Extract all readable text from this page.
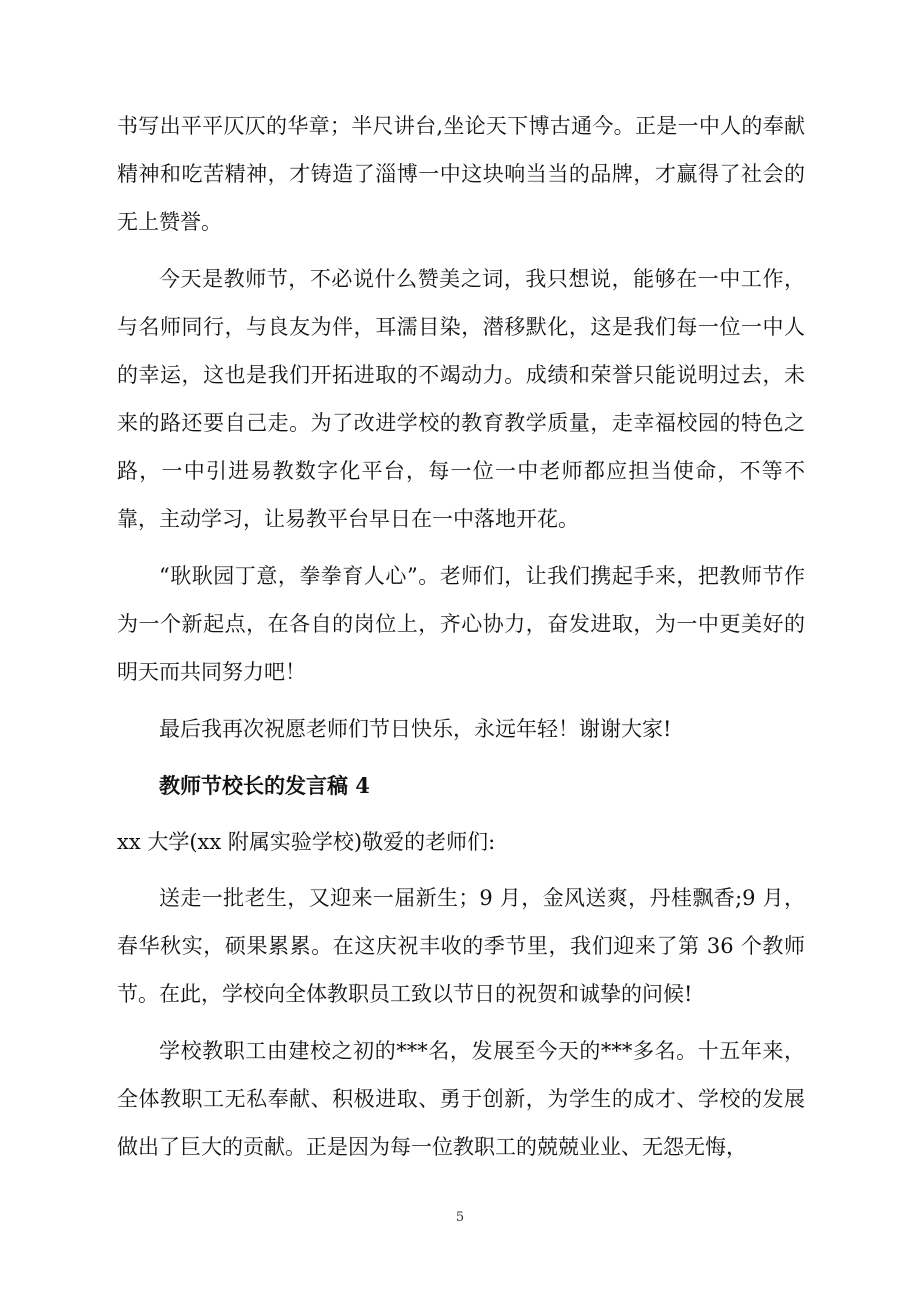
书写出平平仄仄的华章；半尺讲台,坐论天下博古通今。正是一中人的奉献精神和吃苦精神，才铸造了淄博一中这块响当当的品牌，才赢得了社会的无上赞誉。

今天是教师节，不必说什么赞美之词，我只想说，能够在一中工作，与名师同行，与良友为伴，耳濡目染，潜移默化，这是我们每一位一中人的幸运，这也是我们开拓进取的不竭动力。成绩和荣誉只能说明过去，未来的路还要自己走。为了改进学校的教育教学质量，走幸福校园的特色之路，一中引进易教数字化平台，每一位一中老师都应担当使命，不等不靠，主动学习，让易教平台早日在一中落地开花。

“耿耿园丁意，拳拳育人心”。老师们，让我们携起手来，把教师节作为一个新起点，在各自的岗位上，齐心协力，奋发进取，为一中更美好的明天而共同努力吧！

最后我再次祝愿老师们节日快乐，永远年轻！谢谢大家!

教师节校长的发言稿 4

xx 大学(xx 附属实验学校)敬爱的老师们:

送走一批老生，又迎来一届新生；9 月，金风送爽，丹桂飘香;9 月，春华秋实，硕果累累。在这庆祝丰收的季节里，我们迎来了第 36 个教师节。在此，学校向全体教职员工致以节日的祝贺和诚挚的问候!

学校教职工由建校之初的***名，发展至今天的***多名。十五年来，全体教职工无私奉献、积极进取、勇于创新，为学生的成才、学校的发展做出了巨大的贡献。正是因为每一位教职工的兢兢业业、无怨无悔，

5
